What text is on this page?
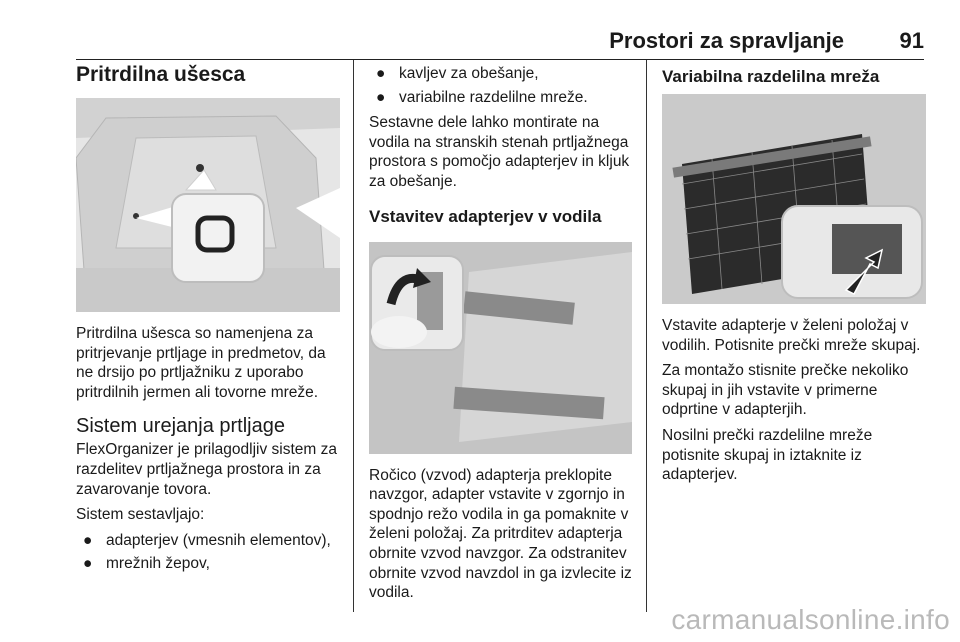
Prostori za spravljanje	91
Pritrdilna ušesca

Pritrdilna ušesca so namenjena za pritrjevanje prtljage in predmetov, da ne drsijo po prtljažniku z uporabo pritrdilnih jermen ali tovorne mreže.

Sistem urejanja prtljage

FlexOrganizer je prilagodljiv sistem za razdelitev prtljažnega prostora in za zavarovanje tovora.

Sistem sestavljajo:

● adapterjev (vmesnih elementov),

● mrežnih žepov,

● kavljev za obešanje,

● variabilne razdelilne mreže.

Sestavne dele lahko montirate na vodila na stranskih stenah prtljažnega prostora s pomočjo adapterjev in kljuk za obešanje.

Vstavitev adapterjev v vodila

Ročico (vzvod) adapterja preklopite navzgor, adapter vstavite v zgornjo in spodnjo režo vodila in ga pomaknite v želeni položaj. Za pritrditev adapterja obrnite vzvod navzgor. Za odstranitev obrnite vzvod navzdol in ga izvlecite iz vodila.

Variabilna razdelilna mreža

Vstavite adapterje v želeni položaj v vodilih. Potisnite prečki mreže skupaj.

Za montažo stisnite prečke nekoliko skupaj in jih vstavite v primerne odprtine v adapterjih.

Nosilni prečki razdelilne mreže potisnite skupaj in iztaknite iz adapterjev.

carmanualsonline.info
